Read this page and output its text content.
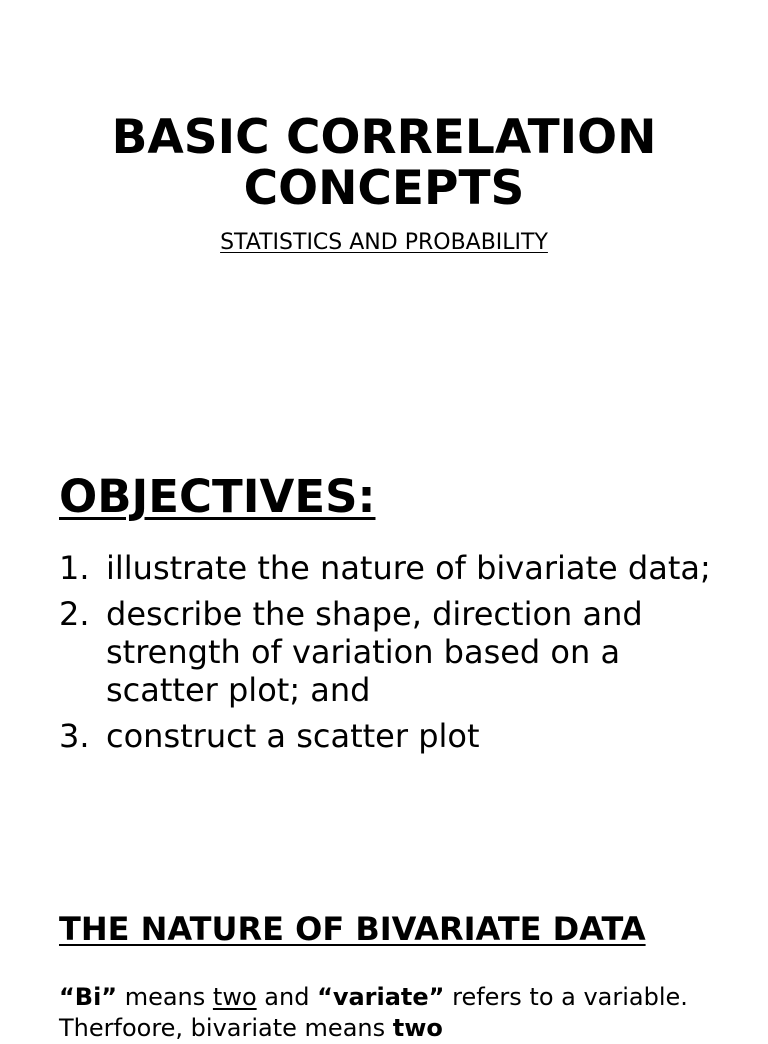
BASIC CORRELATION
CONCEPTS
STATISTICS AND PROBABILITY
OBJECTIVES:
1. illustrate the nature of bivariate data;
2. describe the shape, direction and strength of variation based on a scatter plot; and
3. construct a scatter plot
THE NATURE OF BIVARIATE DATA

“Bi” means two and “variate” refers to a variable. Therfoore, bivariate means two
